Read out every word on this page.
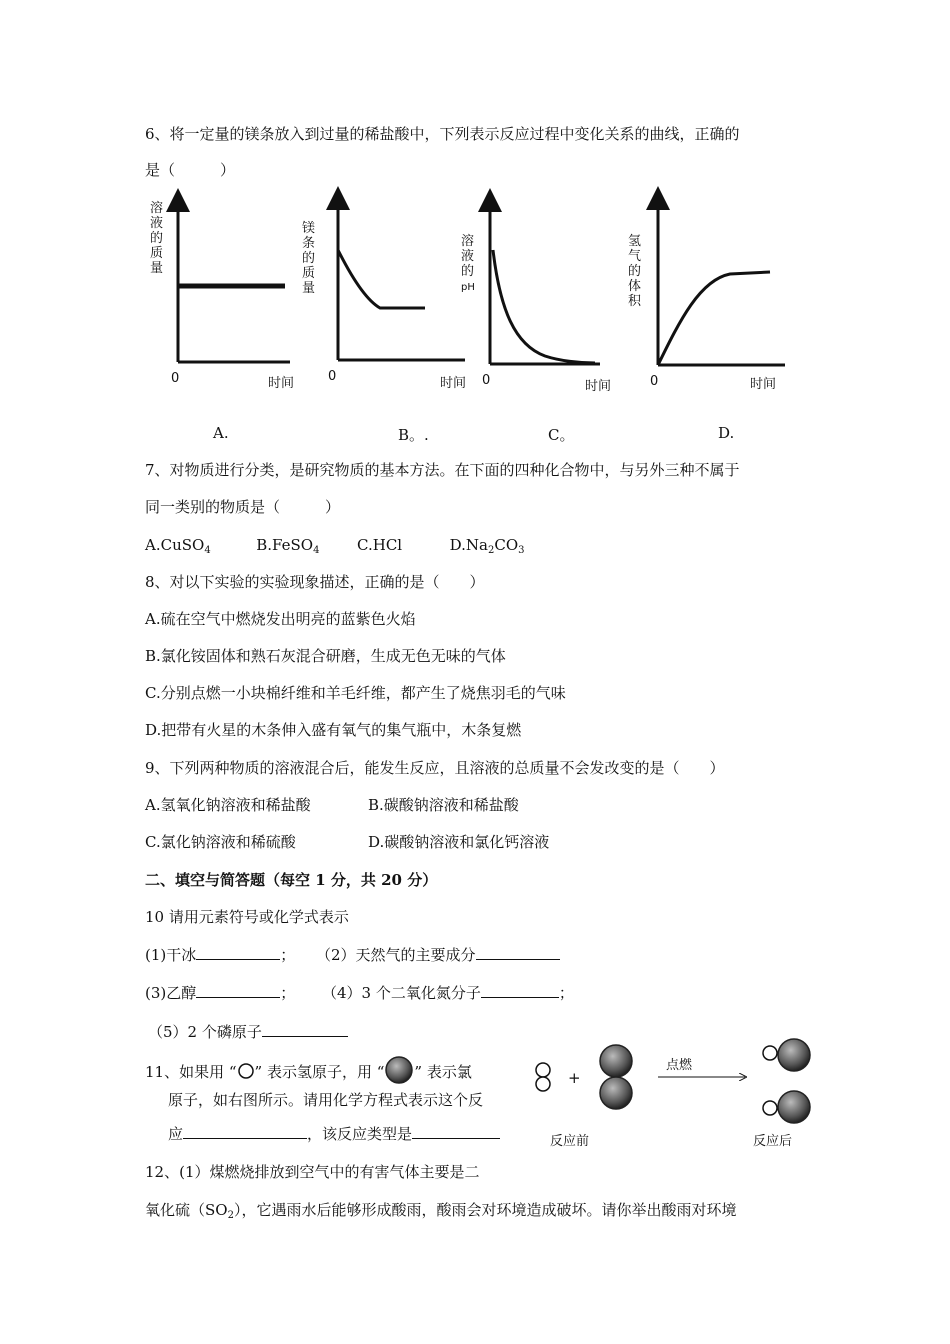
6、将一定量的镁条放入到过量的稀盐酸中，下列表示反应过程中变化关系的曲线，正确的
是（　　　）
溶
液
的
质
量
0	时间
A.
镁
条
的
质
量
0	时间
B。.
溶
液
的
pH
0	时间
C。
氢
气
的
体
积
0	时间
D.
7、对物质进行分类，是研究物质的基本方法。在下面的四种化合物中，与另外三种不属于
同一类别的物质是（　　　）
A.CuSO$_4$	B.FeSO$_4$	C.HCl	$D.Na_2CO_3$
8、对以下实验的实验现象描述，正确的是（　　）
A.硫在空气中燃烧发出明亮的蓝紫色火焰
B.氯化铵固体和熟石灰混合研磨，生成无色无味的气体
C.分别点燃一小块棉纤维和羊毛纤维，都产生了烧焦羽毛的气味
D.把带有火星的木条伸入盛有氧气的集气瓶中，木条复燃
9、下列两种物质的溶液混合后，能发生反应，且溶液的总质量不会发改变的是（　　）
A.氢氧化钠溶液和稀盐酸	B.碳酸钠溶液和稀盐酸
C.氯化钠溶液和稀硫酸	D.碳酸钠溶液和氯化钙溶液
二、填空与简答题（每空 1 分，共 20 分）
10 请用元素符号或化学式表示
(1)干冰	； （2）天然气的主要成分
(3)乙醇	； （4）3 个二氧化氮分子	；
（5）2 个磷原子
11、如果用 “ ” 表示氢原子，用 “ ” 表示氯
原子，如右图所示。请用化学方程式表示这个反
应	，该反应类型是
+
点燃
反应前	反应后
12、(1）煤燃烧排放到空气中的有害气体主要是二
氧化硫$(SO_2)$，它遇雨水后能够形成酸雨，酸雨会对环境造成破坏。请你举出酸雨对环境
